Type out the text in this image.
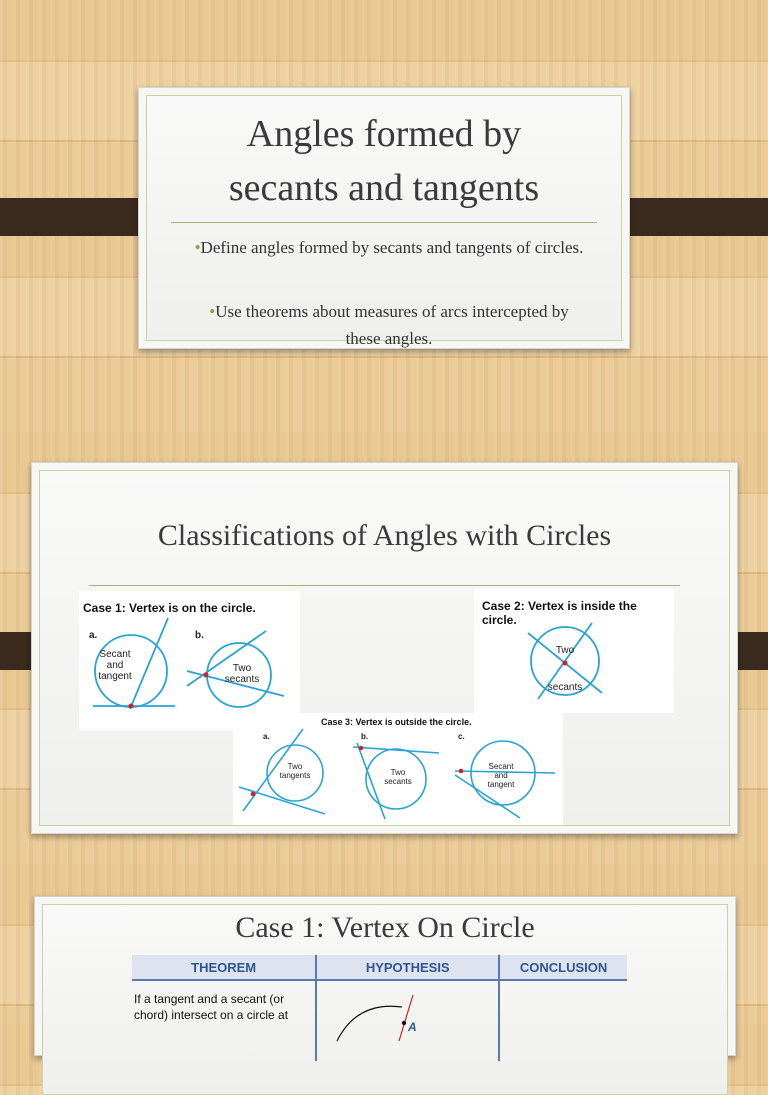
Angles formed by
secants and tangents
•Define angles formed by secants and tangents of circles.
•Use theorems about measures of arcs intercepted by these angles.
Classifications of Angles with Circles
Case 1: Vertex is on the circle.
a.	b.
Secant
and
tangent
Two
secants
Case 2: Vertex is inside the circle.
Two
secants
Case 3: Vertex is outside the circle.
a.	b.	c.
Two
tangents	Two
secants
Secant
and
tangent
Case 1: Vertex On Circle
THEOREM	HYPOTHESIS	CONCLUSION

If a tangent and a secant (or
chord) intersect on a circle at	A	
